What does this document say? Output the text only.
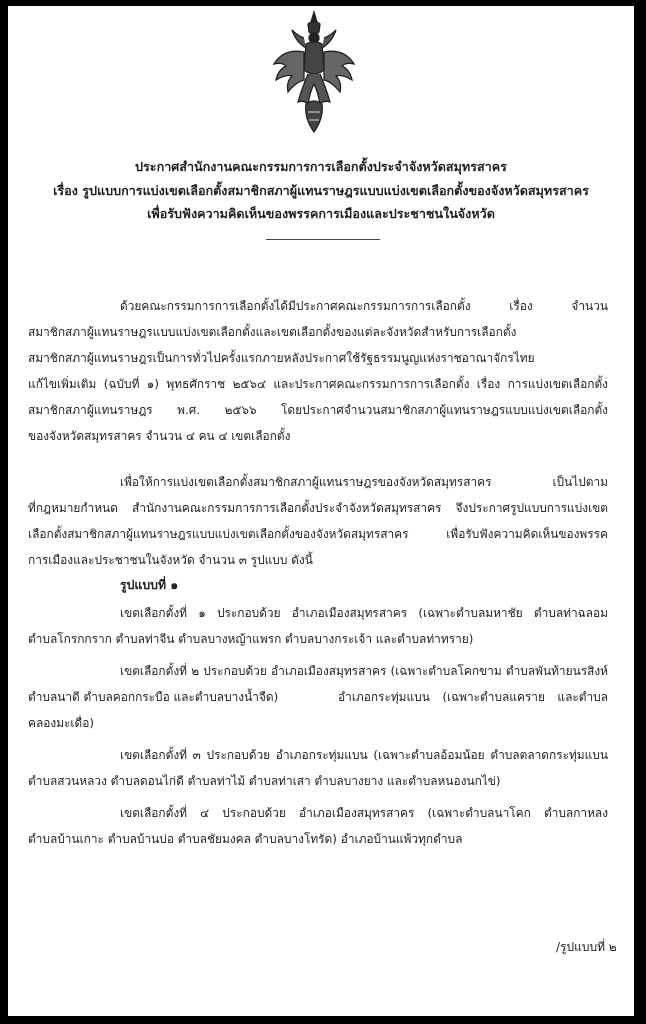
ประกาศสำนักงานคณะกรรมการการเลือกตั้งประจำจังหวัดสมุทรสาคร
เรื่อง รูปแบบการแบ่งเขตเลือกตั้งสมาชิกสภาผู้แทนราษฎรแบบแบ่งเขตเลือกตั้งของจังหวัดสมุทรสาคร
เพื่อรับฟังความคิดเห็นของพรรคการเมืองและประชาชนในจังหวัด
ด้วยคณะกรรมการการเลือกตั้งได้มีประกาศคณะกรรมการการเลือกตั้ง เรื่อง จำนวน
สมาชิกสภาผู้แทนราษฎรแบบแบ่งเขตเลือกตั้งและเขตเลือกตั้งของแต่ละจังหวัดสำหรับการเลือกตั้ง
สมาชิกสภาผู้แทนราษฎรเป็นการทั่วไปครั้งแรกภายหลังประกาศใช้รัฐธรรมนูญแห่งราชอาณาจักรไทย
แก้ไขเพิ่มเติม (ฉบับที่ ๑) พุทธศักราช ๒๕๖๔ และประกาศคณะกรรมการการเลือกตั้ง เรื่อง การแบ่งเขตเลือกตั้ง
สมาชิกสภาผู้แทนราษฎร พ.ศ. ๒๕๖๖ โดยประกาศจำนวนสมาชิกสภาผู้แทนราษฎรแบบแบ่งเขตเลือกตั้ง
ของจังหวัดสมุทรสาคร จำนวน ๔ คน ๔ เขตเลือกตั้ง
เพื่อให้การแบ่งเขตเลือกตั้งสมาชิกสภาผู้แทนราษฎรของจังหวัดสมุทรสาคร เป็นไปตาม
ที่กฎหมายกำหนด สำนักงานคณะกรรมการการเลือกตั้งประจำจังหวัดสมุทรสาคร จึงประกาศรูปแบบการแบ่งเขต
เลือกตั้งสมาชิกสภาผู้แทนราษฎรแบบแบ่งเขตเลือกตั้งของจังหวัดสมุทรสาคร เพื่อรับฟังความคิดเห็นของพรรค
การเมืองและประชาชนในจังหวัด จำนวน ๓ รูปแบบ ดังนี้
รูปแบบที่ ๑
เขตเลือกตั้งที่ ๑ ประกอบด้วย อำเภอเมืองสมุทรสาคร (เฉพาะตำบลมหาชัย ตำบลท่าฉลอม
ตำบลโกรกกราก ตำบลท่าจีน ตำบลบางหญ้าแพรก ตำบลบางกระเจ้า และตำบลท่าทราย)
เขตเลือกตั้งที่ ๒ ประกอบด้วย อำเภอเมืองสมุทรสาคร (เฉพาะตำบลโคกขาม ตำบลพันท้ายนรสิงห์
ตำบลนาดี ตำบลคอกกระบือ และตำบลบางน้ำจืด)	อำเภอกระทุ่มแบน (เฉพาะตำบลแคราย และตำบล
คลองมะเดื่อ)
เขตเลือกตั้งที่ ๓ ประกอบด้วย อำเภอกระทุ่มแบน (เฉพาะตำบลอ้อมน้อย ตำบลตลาดกระทุ่มแบน
ตำบลสวนหลวง ตำบลดอนไก่ดี ตำบลท่าไม้ ตำบลท่าเสา ตำบลบางยาง และตำบลหนองนกไข่)
เขตเลือกตั้งที่ ๔ ประกอบด้วย อำเภอเมืองสมุทรสาคร (เฉพาะตำบลนาโคก ตำบลกาหลง
ตำบลบ้านเกาะ ตำบลบ้านบ่อ ตำบลชัยมงคล ตำบลบางโทรัด) อำเภอบ้านแพ้วทุกตำบล
/รูปแบบที่ ๒
